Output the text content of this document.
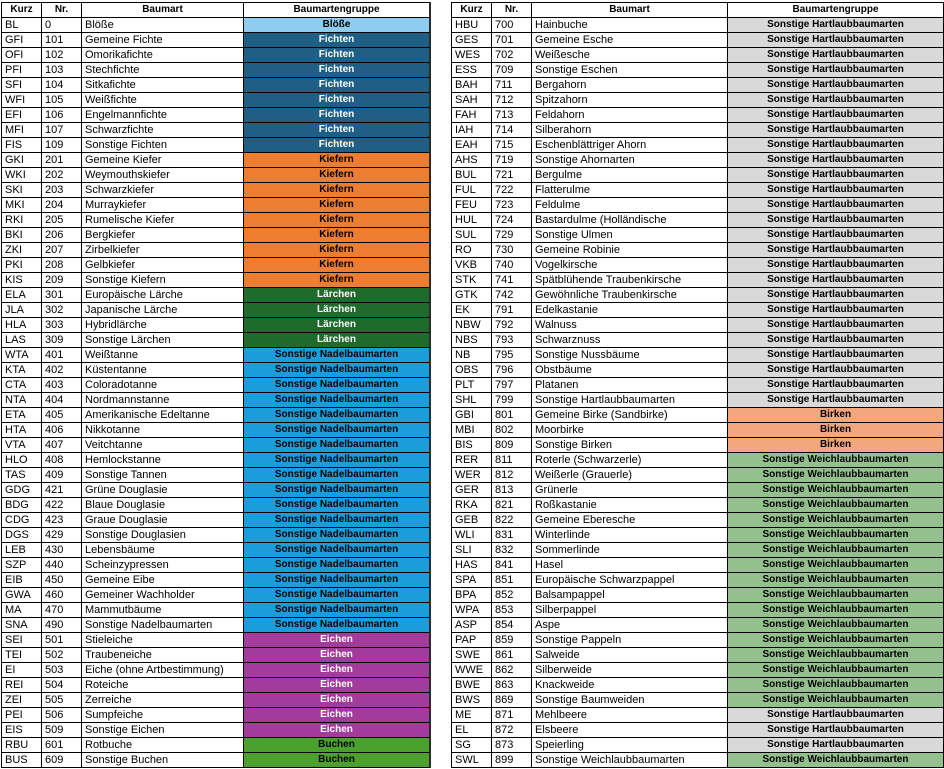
Kurz	Nr.	Baumart	Baumartengruppe
BL	0	Blöße	Blöße
GFI	101	Gemeine Fichte	Fichten
OFI	102	Omorikafichte	Fichten
PFI	103	Stechfichte	Fichten
SFI	104	Sitkafichte	Fichten
WFI	105	Weißfichte	Fichten
EFI	106	Engelmannfichte	Fichten
MFI	107	Schwarzfichte	Fichten
FIS	109	Sonstige Fichten	Fichten
GKI	201	Gemeine Kiefer	Kiefern
WKI	202	Weymouthskiefer	Kiefern
SKI	203	Schwarzkiefer	Kiefern
MKI	204	Murraykiefer	Kiefern
RKI	205	Rumelische Kiefer	Kiefern
BKI	206	Bergkiefer	Kiefern
ZKI	207	Zirbelkiefer	Kiefern
PKI	208	Gelbkiefer	Kiefern
KIS	209	Sonstige Kiefern	Kiefern
ELA	301	Europäische Lärche	Lärchen
JLA	302	Japanische Lärche	Lärchen
HLA	303	Hybridlärche	Lärchen
LAS	309	Sonstige Lärchen	Lärchen
WTA	401	Weißtanne	Sonstige Nadelbaumarten
KTA	402	Küstentanne	Sonstige Nadelbaumarten
CTA	403	Coloradotanne	Sonstige Nadelbaumarten
NTA	404	Nordmannstanne	Sonstige Nadelbaumarten
ETA	405	Amerikanische Edeltanne	Sonstige Nadelbaumarten
HTA	406	Nikkotanne	Sonstige Nadelbaumarten
VTA	407	Veitchtanne	Sonstige Nadelbaumarten
HLO	408	Hemlockstanne	Sonstige Nadelbaumarten
TAS	409	Sonstige Tannen	Sonstige Nadelbaumarten
GDG	421	Grüne Douglasie	Sonstige Nadelbaumarten
BDG	422	Blaue Douglasie	Sonstige Nadelbaumarten
CDG	423	Graue Douglasie	Sonstige Nadelbaumarten
DGS	429	Sonstige Douglasien	Sonstige Nadelbaumarten
LEB	430	Lebensbäume	Sonstige Nadelbaumarten
SZP	440	Scheinzypressen	Sonstige Nadelbaumarten
EIB	450	Gemeine Eibe	Sonstige Nadelbaumarten
GWA	460	Gemeiner Wachholder	Sonstige Nadelbaumarten
MA	470	Mammutbäume	Sonstige Nadelbaumarten
SNA	490	Sonstige Nadelbaumarten	Sonstige Nadelbaumarten
SEI	501	Stieleiche	Eichen
TEI	502	Traubeneiche	Eichen
EI	503	Eiche (ohne Artbestimmung)	Eichen
REI	504	Roteiche	Eichen
ZEI	505	Zerreiche	Eichen
PEI	506	Sumpfeiche	Eichen
EIS	509	Sonstige Eichen	Eichen
RBU	601	Rotbuche	Buchen
BUS	609	Sonstige Buchen	Buchen
Kurz	Nr.	Baumart	Baumartengruppe
HBU	700	Hainbuche	Sonstige Hartlaubbaumarten
GES	701	Gemeine Esche	Sonstige Hartlaubbaumarten
WES	702	Weißesche	Sonstige Hartlaubbaumarten
ESS	709	Sonstige Eschen	Sonstige Hartlaubbaumarten
BAH	711	Bergahorn	Sonstige Hartlaubbaumarten
SAH	712	Spitzahorn	Sonstige Hartlaubbaumarten
FAH	713	Feldahorn	Sonstige Hartlaubbaumarten
IAH	714	Silberahorn	Sonstige Hartlaubbaumarten
EAH	715	Eschenblättriger Ahorn	Sonstige Hartlaubbaumarten
AHS	719	Sonstige Ahornarten	Sonstige Hartlaubbaumarten
BUL	721	Bergulme	Sonstige Hartlaubbaumarten
FUL	722	Flatterulme	Sonstige Hartlaubbaumarten
FEU	723	Feldulme	Sonstige Hartlaubbaumarten
HUL	724	Bastardulme (Holländische	Sonstige Hartlaubbaumarten
SUL	729	Sonstige Ulmen	Sonstige Hartlaubbaumarten
RO	730	Gemeine Robinie	Sonstige Hartlaubbaumarten
VKB	740	Vogelkirsche	Sonstige Hartlaubbaumarten
STK	741	Spätblühende Traubenkirsche	Sonstige Hartlaubbaumarten
GTK	742	Gewöhnliche Traubenkirsche	Sonstige Hartlaubbaumarten
EK	791	Edelkastanie	Sonstige Hartlaubbaumarten
NBW	792	Walnuss	Sonstige Hartlaubbaumarten
NBS	793	Schwarznuss	Sonstige Hartlaubbaumarten
NB	795	Sonstige Nussbäume	Sonstige Hartlaubbaumarten
OBS	796	Obstbäume	Sonstige Hartlaubbaumarten
PLT	797	Platanen	Sonstige Hartlaubbaumarten
SHL	799	Sonstige Hartlaubbaumarten	Sonstige Hartlaubbaumarten
GBI	801	Gemeine Birke (Sandbirke)	Birken
MBI	802	Moorbirke	Birken
BIS	809	Sonstige Birken	Birken
RER	811	Roterle (Schwarzerle)	Sonstige Weichlaubbaumarten
WER	812	Weißerle (Grauerle)	Sonstige Weichlaubbaumarten
GER	813	Grünerle	Sonstige Weichlaubbaumarten
RKA	821	Roßkastanie	Sonstige Weichlaubbaumarten
GEB	822	Gemeine Eberesche	Sonstige Weichlaubbaumarten
WLI	831	Winterlinde	Sonstige Weichlaubbaumarten
SLI	832	Sommerlinde	Sonstige Weichlaubbaumarten
HAS	841	Hasel	Sonstige Weichlaubbaumarten
SPA	851	Europäische Schwarzpappel	Sonstige Weichlaubbaumarten
BPA	852	Balsampappel	Sonstige Weichlaubbaumarten
WPA	853	Silberpappel	Sonstige Weichlaubbaumarten
ASP	854	Aspe	Sonstige Weichlaubbaumarten
PAP	859	Sonstige Pappeln	Sonstige Weichlaubbaumarten
SWE	861	Salweide	Sonstige Weichlaubbaumarten
WWE	862	Silberweide	Sonstige Weichlaubbaumarten
BWE	863	Knackweide	Sonstige Weichlaubbaumarten
BWS	869	Sonstige Baumweiden	Sonstige Weichlaubbaumarten
ME	871	Mehlbeere	Sonstige Hartlaubbaumarten
EL	872	Elsbeere	Sonstige Hartlaubbaumarten
SG	873	Speierling	Sonstige Hartlaubbaumarten
SWL	899	Sonstige Weichlaubbaumarten	Sonstige Weichlaubbaumarten
